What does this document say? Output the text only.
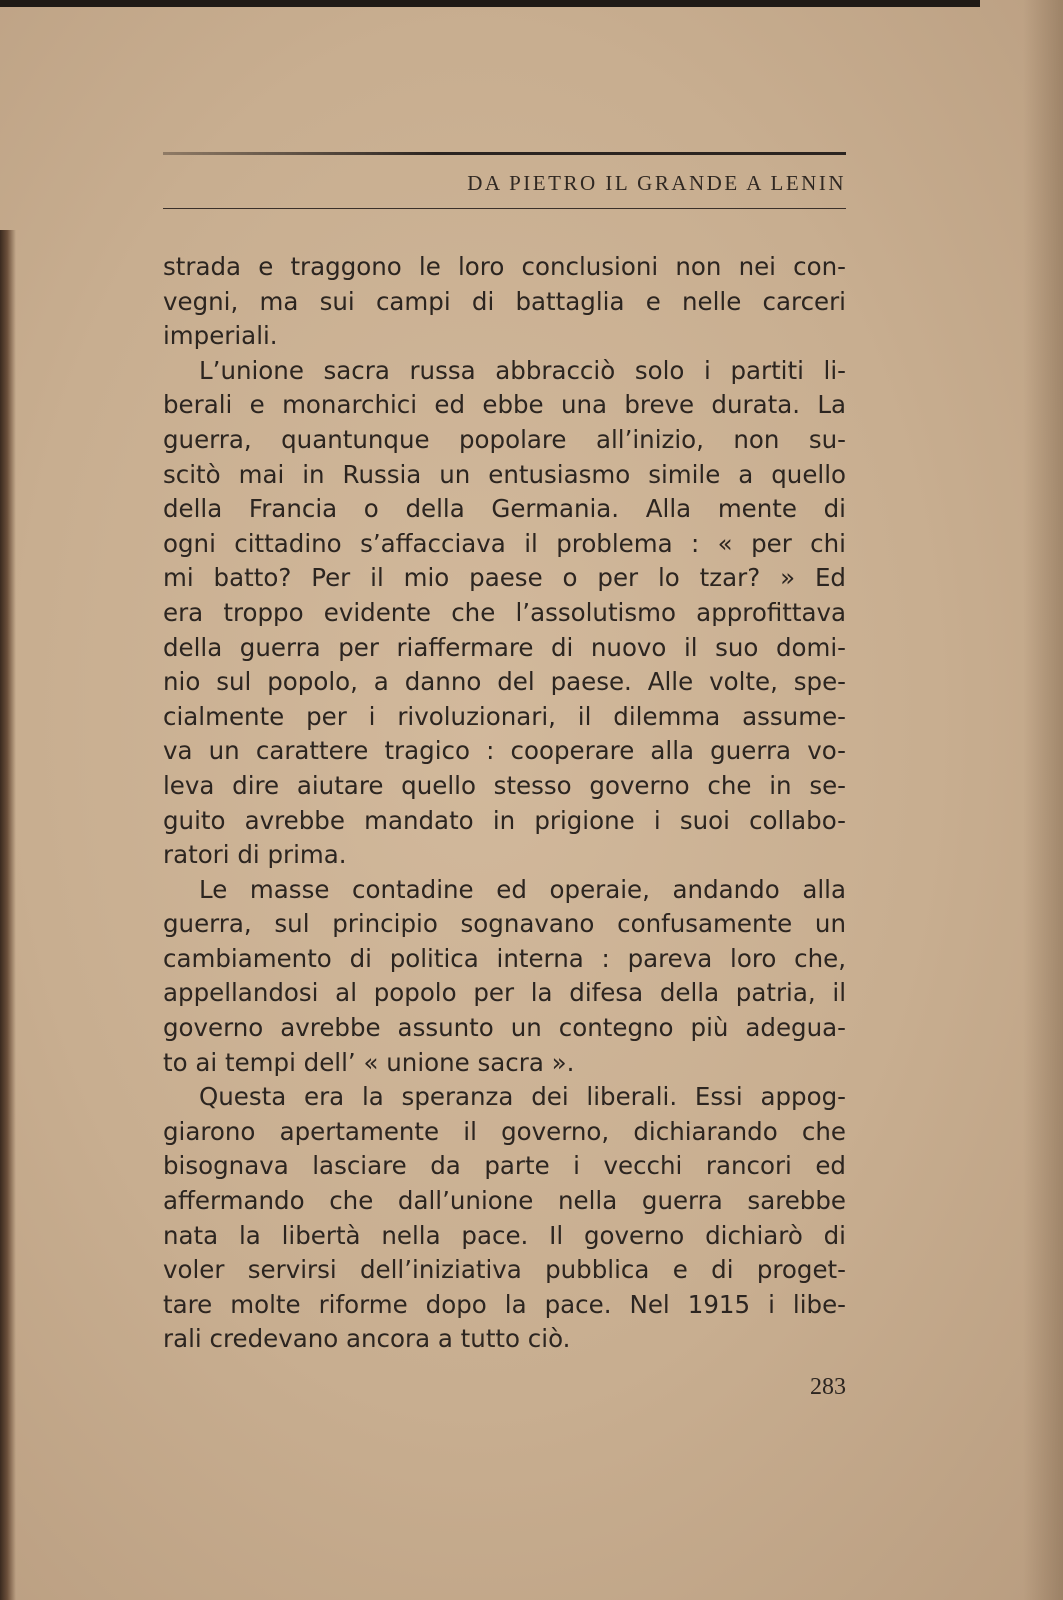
DA PIETRO IL GRANDE A LENIN
strada e traggono le loro conclusioni non nei con-
vegni, ma sui campi di battaglia e nelle carceri
imperiali.
L’unione sacra russa abbracciò solo i partiti li-
berali e monarchici ed ebbe una breve durata. La
guerra, quantunque popolare all’inizio, non su-
scitò mai in Russia un entusiasmo simile a quello
della Francia o della Germania. Alla mente di
ogni cittadino s’affacciava il problema : « per chi
mi batto? Per il mio paese o per lo tzar? » Ed
era troppo evidente che l’assolutismo approfittava
della guerra per riaffermare di nuovo il suo domi-
nio sul popolo, a danno del paese. Alle volte, spe-
cialmente per i rivoluzionari, il dilemma assume-
va un carattere tragico : cooperare alla guerra vo-
leva dire aiutare quello stesso governo che in se-
guito avrebbe mandato in prigione i suoi collabo-
ratori di prima.
Le masse contadine ed operaie, andando alla
guerra, sul principio sognavano confusamente un
cambiamento di politica interna : pareva loro che,
appellandosi al popolo per la difesa della patria, il
governo avrebbe assunto un contegno più adegua-
to ai tempi dell’ « unione sacra ».
Questa era la speranza dei liberali. Essi appog-
giarono apertamente il governo, dichiarando che
bisognava lasciare da parte i vecchi rancori ed
affermando che dall’unione nella guerra sarebbe
nata la libertà nella pace. Il governo dichiarò di
voler servirsi dell’iniziativa pubblica e di proget-
tare molte riforme dopo la pace. Nel 1915 i libe-
rali credevano ancora a tutto ciò.
283
